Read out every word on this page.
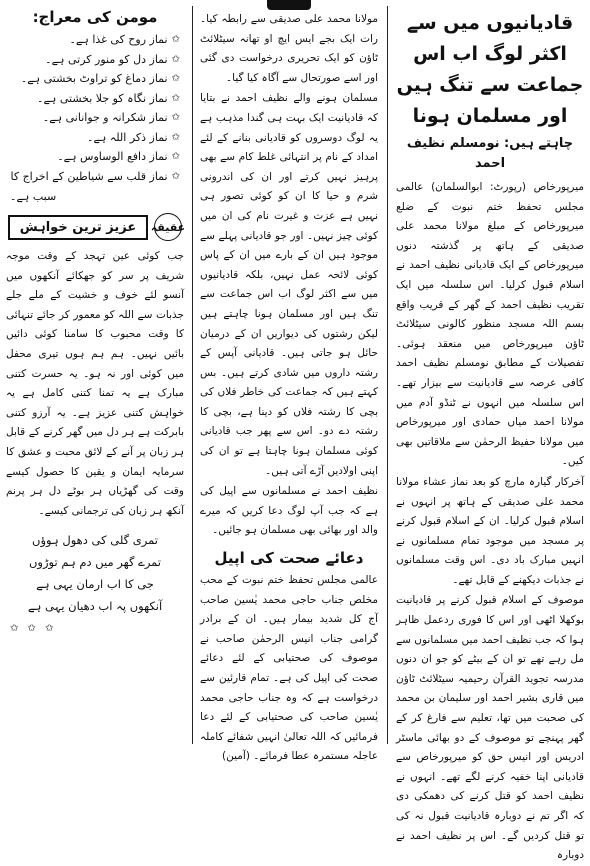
قادیانیوں میں سے اکثر لوگ اب اس جماعت سے تنگ ہیں اور مسلمان ہونا
چاہتے ہیں: نومسلم نظیف احمد

میرپورخاص (رپورٹ: ابوالسلمان) عالمی مجلس تحفظ ختم نبوت کے ضلع میرپورخاص کے مبلغ مولانا محمد علی صدیقی کے ہاتھ پر گذشتہ دنوں میرپورخاص کے ایک قادیانی نظیف احمد نے اسلام قبول کرلیا۔ اس سلسلہ میں ایک تقریب نظیف احمد کے گھر کے قریب واقع بسم اللہ مسجد منظور کالونی سیٹلائٹ ٹاؤن میرپورخاص میں منعقد ہوئی۔ تفصیلات کے مطابق نومسلم نظیف احمد کافی عرصہ سے قادیانیت سے بیزار تھے۔ اس سلسلہ میں انہوں نے ٹنڈو آدم میں مولانا احمد میاں حمادی اور میرپورخاص میں مولانا حفیظ الرحمٰن سے ملاقاتیں بھی کیں۔

آخرکار گیارہ مارچ کو بعد نماز عشاء مولانا محمد علی صدیقی کے ہاتھ پر انہوں نے اسلام قبول کرلیا۔ ان کے اسلام قبول کرنے پر مسجد میں موجود تمام مسلمانوں نے انہیں مبارک باد دی۔ اس وقت مسلمانوں نے جذبات دیکھنے کے قابل تھے۔

موصوف کے اسلام قبول کرنے پر قادیانیت بوکھلا اٹھی اور اس کا فوری ردعمل ظاہر ہوا کہ جب نظیف احمد میں مسلمانوں سے مل رہے تھے تو ان کے بیٹے کو جو ان دنوں مدرسہ تجوید القرآن رحیمیہ سیٹلائٹ ٹاؤن میں قاری بشیر احمد اور سلیمان بن محمد کی صحبت میں تھا، تعلیم سے فارغ کر کے گھر پہنچے تو موصوف کے دو بھائی ماسٹر ادریس اور انیس حق کو میرپورخاص سے قادیانی اپنا خفیہ کرنے لگے تھے۔ انہوں نے نظیف احمد کو قتل کرنے کی دھمکی دی کہ اگر تم نے دوبارہ قادیانیت قبول نہ کی تو قتل کردیں گے۔ اس پر نظیف احمد نے دوبارہ

مولانا محمد علی صدیقی سے رابطہ کیا۔ رات ایک بجے ایس ایچ او تھانہ سیٹلائٹ ٹاؤن کو ایک تحریری درخواست دی گئی اور اسے صورتحال سے آگاہ کیا گیا۔

مسلمان ہونے والے نظیف احمد نے بتایا کہ قادیانیت ایک بہت ہی گندا مذہب ہے یہ لوگ دوسروں کو قادیانی بنانے کے لئے امداد کے نام پر انتہائی غلط کام سے بھی پرہیز نہیں کرتے اور ان کی اندرونی شرم و حیا کا ان کو کوئی تصور ہی نہیں ہے عزت و غیرت نام کی ان میں کوئی چیز نہیں۔ اور جو قادیانی پہلے سے موجود ہیں ان کے بارے میں ان کے پاس کوئی لائحہ عمل نہیں، بلکہ قادیانیوں میں سے اکثر لوگ اب اس جماعت سے تنگ ہیں اور مسلمان ہونا چاہتے ہیں لیکن رشتوں کی دیواریں ان کے درمیان حائل ہو جاتی ہیں۔ قادیانی آپس کے رشتہ داروں میں شادی کرتے ہیں۔ بس کہتے ہیں کہ جماعت کی خاطر فلاں کی بچی کا رشتہ فلاں کو دینا ہے، بچی کا رشتہ دے دو۔ اس سے پھر جب قادیانی کوئی مسلمان ہونا چاہتا ہے تو ان کی اپنی اولادیں آڑے آتی ہیں۔

نظیف احمد نے مسلمانوں سے اپیل کی ہے کہ جب آپ لوگ دعا کریں کہ میرے والد اور بھائی بھی مسلمان ہو جائیں۔

دعائے صحت کی اپیل

عالمی مجلس تحفظ ختم نبوت کے محب مخلص جناب حاجی محمد یٰسین صاحب آج کل شدید بیمار ہیں۔ ان کے برادر گرامی جناب انیس الرحمٰن صاحب نے موصوف کی صحتیابی کے لئے دعائے صحت کی اپیل کی ہے۔ تمام قارئین سے درخواست ہے کہ وہ جناب حاجی محمد یٰسین صاحب کی صحتیابی کے لئے دعا فرمائیں کہ اللہ تعالیٰ انہیں شفائے کاملہ عاجلہ مستمرہ عطا فرمائے۔ (آمین)

مومن کی معراج:
✩
نماز روح کی غذا ہے۔
✩
نماز دل کو منور کرتی ہے۔
✩
نماز دماغ کو تراوٹ بخشتی ہے۔
✩
نماز نگاہ کو جلا بخشتی ہے۔
✩
نماز شکرانہ و جوانانی ہے۔
✩
نماز ذکر اللہ ہے۔
✩
نماز دافع الوساوس ہے۔
✩
نماز قلب سے شیاطین کے اخراج کا
سبب ہے۔
عقیقہ
عزیز ترین خواہش

جب کوئی عین تہجد کے وقت موجہ شریف پر سر کو جھکائے آنکھوں میں آنسو لئے خوف و خشیت کے ملے جلے جذبات سے اللہ کو معمور کر جائے تنہائی کا وقت محبوب کا سامنا کوئی دائیں بائیں نہیں۔ ہم ہم ہوں تیری محفل میں کوئی اور نہ ہو۔ یہ حسرت کتنی مبارک ہے یہ تمنا کتنی کامل ہے یہ خواہش کتنی عزیز ہے۔ یہ آرزو کتنی بابرکت ہے ہر دل میں گھر کرنے کے قابل ہر زبان پر آنے کے لائق محبت و عشق کا سرمایہ ایمان و یقین کا حصول کیسے وقت کی گھڑیاں ہر بوٹے دل ہر پرنم آنکھ ہر زبان کی ترجمانی کیسے۔

تمری گلی کی دھول ہوؤں
تمرے گھر میں دم ہم توڑوں
جی کا اب ارمان یہی ہے
آنکھوں پہ اب دھیان یہی ہے
✩ ✩ ✩
